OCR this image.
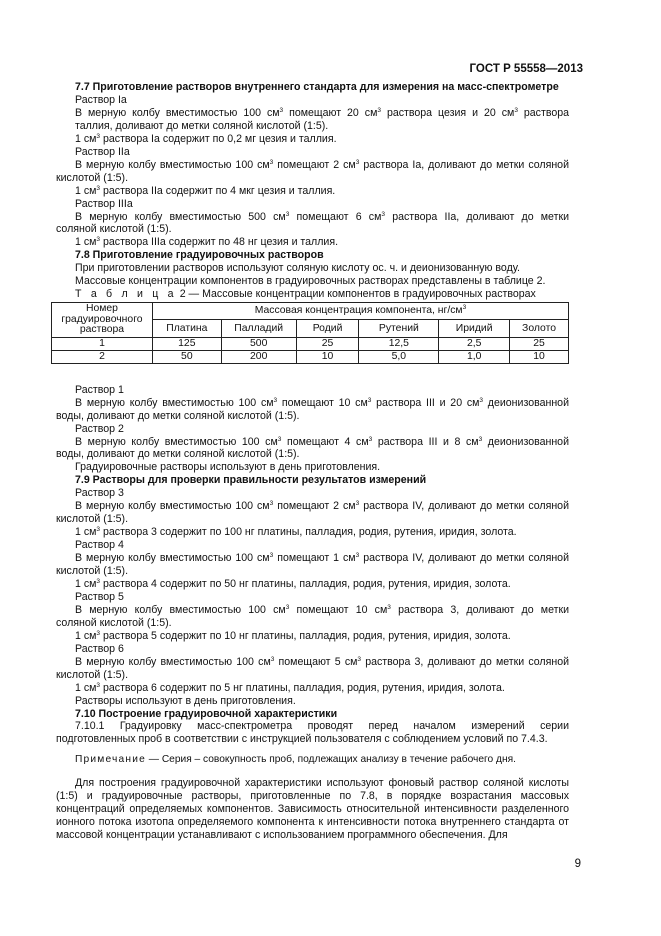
ГОСТ Р 55558—2013

7.7 Приготовление растворов внутреннего стандарта для измерения на масс-спектрометре

Раствор Iа

В мерную колбу вместимостью 100 $см^3$ помещают 20 $см^3$ раствора цезия и 20 $см^3$ раствора

таллия, доливают до метки соляной кислотой (1:5).

1 $см^3$ раствора Iа содержит по 0,2 мг цезия и таллия.

Раствор IIа

В мерную колбу вместимостью 100 $см^3$ помещают 2 $см^3$ раствора Iа, доливают до метки соляной

кислотой (1:5).

1 $см^3$ раствора IIа содержит по 4 мкг цезия и таллия.

Раствор IIIа

В мерную колбу вместимостью 500 $см^3$ помещают 6 $см^3$ раствора IIа, доливают до метки

соляной кислотой (1:5).

1 $см^3$ раствора IIIа содержит по 48 нг цезия и таллия.

7.8 Приготовление градуировочных растворов

При приготовлении растворов используют соляную кислоту ос. ч. и деионизованную воду.

Массовые концентрации компонентов в градуировочных растворах представлены в таблице 2.

Т а б л и ц а 2 — Массовые концентрации компонентов в градуировочных растворах

Номер градуировочного раствора	Массовая концентрация компонента, $нг/см^3$
	Платина	Палладий	Родий	Рутений	Иридий	Золото
1	125	500	25	12,5	2,5	25
2	50	200	10	5,0	1,0	10

Раствор 1

В мерную колбу вместимостью 100 $см^3$ помещают 10 $см^3$ раствора III и 20 $см^3$ деионизованной

воды, доливают до метки соляной кислотой (1:5).

Раствор 2

В мерную колбу вместимостью 100 $см^3$ помещают 4 $см^3$ раствора III и 8 $см^3$ деионизованной

воды, доливают до метки соляной кислотой (1:5).

Градуировочные растворы используют в день приготовления.

7.9 Растворы для проверки правильности результатов измерений

Раствор 3

В мерную колбу вместимостью 100 $см^3$ помещают 2 $см^3$ раствора IV, доливают до метки соляной

кислотой (1:5).

1 $см^3$ раствора 3 содержит по 100 нг платины, палладия, родия, рутения, иридия, золота.

Раствор 4

В мерную колбу вместимостью 100 $см^3$ помещают 1 $см^3$ раствора IV, доливают до метки соляной

кислотой (1:5).

1 $см^3$ раствора 4 содержит по 50 нг платины, палладия, родия, рутения, иридия, золота.

Раствор 5

В мерную колбу вместимостью 100 $см^3$ помещают 10 $см^3$ раствора 3, доливают до метки

соляной кислотой (1:5).

1 $см^3$ раствора 5 содержит по 10 нг платины, палладия, родия, рутения, иридия, золота.

Раствор 6

В мерную колбу вместимостью 100 $см^3$ помещают 5 $см^3$ раствора 3, доливают до метки соляной

кислотой (1:5).

1 $см^3$ раствора 6 содержит по 5 нг платины, палладия, родия, рутения, иридия, золота.

Растворы используют в день приготовления.

7.10 Построение градуировочной характеристики

7.10.1 Градуировку масс-спектрометра проводят перед началом измерений серии

подготовленных проб в соответствии с инструкцией пользователя с соблюдением условий по 7.4.3.

Примечание — Серия – совокупность проб, подлежащих анализу в течение рабочего дня.

Для построения градуировочной характеристики используют фоновый раствор соляной кислоты (1:5) и градуировочные растворы, приготовленные по 7.8, в порядке возрастания массовых концентраций определяемых компонентов. Зависимость относительной интенсивности разделенного ионного потока изотопа определяемого компонента к интенсивности потока внутреннего стандарта от массовой концентрации устанавливают с использованием программного обеспечения. Для

9
